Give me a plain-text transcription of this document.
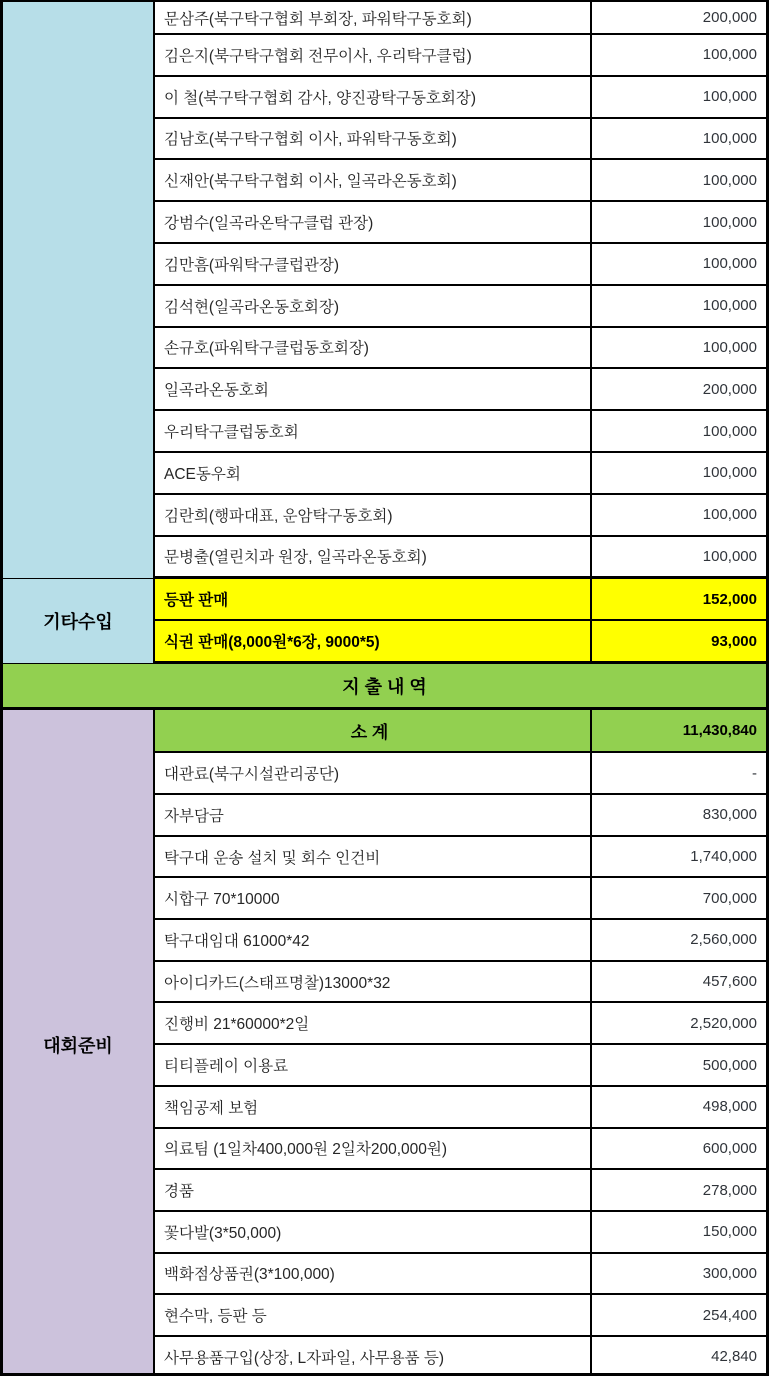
문삼주(북구탁구협회 부회장, 파워탁구동호회)	200,000
김은지(북구탁구협회 전무이사, 우리탁구클럽)	100,000
이 철(북구탁구협회 감사, 양진광탁구동호회장)	100,000
김남호(북구탁구협회 이사, 파워탁구동호회)	100,000
신재안(북구탁구협회 이사, 일곡라온동호회)	100,000
강범수(일곡라온탁구클럽 관장)	100,000
김만흠(파워탁구클럽관장)	100,000
김석현(일곡라온동호회장)	100,000
손규호(파워탁구클럽동호회장)	100,000
일곡라온동호회	200,000
우리탁구클럽동호회	100,000
ACE동우회	100,000
김란희(행파대표, 운암탁구동호회)	100,000
문병출(열린치과 원장, 일곡라온동호회)	100,000
기타수입
등판 판매	152,000
식권 판매(8,000원*6장, 9000*5)	93,000
지 출 내 역
대회준비
소 계	11,430,840
대관료(북구시설관리공단)	-
자부담금	830,000
탁구대 운송 설치 및 회수 인건비	1,740,000
시합구 70*10000	700,000
탁구대임대 61000*42	2,560,000
아이디카드(스태프명찰)13000*32	457,600
진행비 21*60000*2일	2,520,000
티티플레이 이용료	500,000
책임공제 보험	498,000
의료팀 (1일차400,000원 2일차200,000원)	600,000
경품	278,000
꽃다발(3*50,000)	150,000
백화점상품권(3*100,000)	300,000
현수막, 등판 등	254,400
사무용품구입(상장, L자파일, 사무용품 등)	42,840
